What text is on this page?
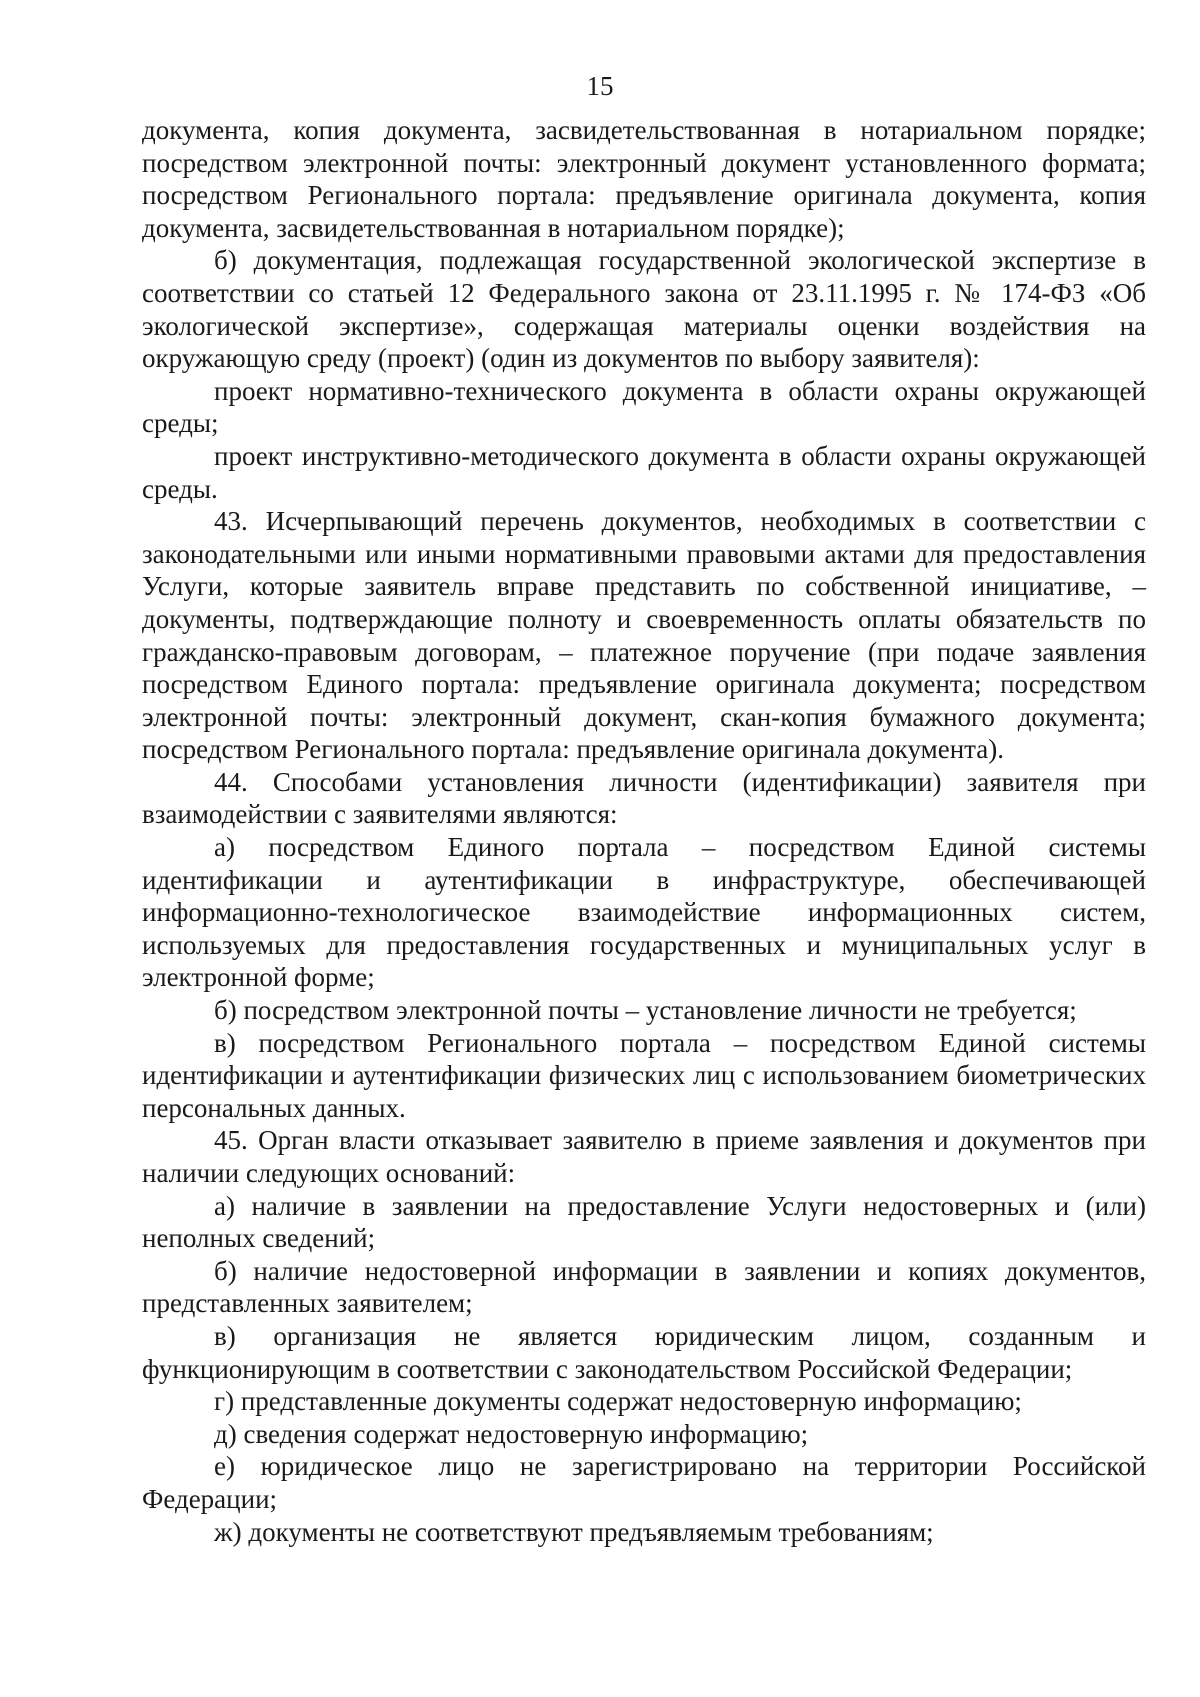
15

документа, копия документа, засвидетельствованная в нотариальном порядке; посредством электронной почты: электронный документ установленного формата; посредством Регионального портала: предъявление оригинала документа, копия документа, засвидетельствованная в нотариальном порядке);

б) документация, подлежащая государственной экологической экспертизе в соответствии со статьей 12 Федерального закона от 23.11.1995 г. № 174-ФЗ «Об экологической экспертизе», содержащая материалы оценки воздействия на окружающую среду (проект) (один из документов по выбору заявителя):

проект нормативно-технического документа в области охраны окружающей среды;

проект инструктивно-методического документа в области охраны окружающей среды.

43. Исчерпывающий перечень документов, необходимых в соответствии с законодательными или иными нормативными правовыми актами для предоставления Услуги, которые заявитель вправе представить по собственной инициативе, – документы, подтверждающие полноту и своевременность оплаты обязательств по гражданско-правовым договорам, – платежное поручение (при подаче заявления посредством Единого портала: предъявление оригинала документа; посредством электронной почты: электронный документ, скан-копия бумажного документа; посредством Регионального портала: предъявление оригинала документа).

44. Способами установления личности (идентификации) заявителя при взаимодействии с заявителями являются:

а) посредством Единого портала – посредством Единой системы идентификации и аутентификации в инфраструктуре, обеспечивающей информационно-технологическое взаимодействие информационных систем, используемых для предоставления государственных и муниципальных услуг в электронной форме;

б) посредством электронной почты – установление личности не требуется;

в) посредством Регионального портала – посредством Единой системы идентификации и аутентификации физических лиц с использованием биометрических персональных данных.

45. Орган власти отказывает заявителю в приеме заявления и документов при наличии следующих оснований:

а) наличие в заявлении на предоставление Услуги недостоверных и (или) неполных сведений;

б) наличие недостоверной информации в заявлении и копиях документов, представленных заявителем;

в) организация не является юридическим лицом, созданным и функционирующим в соответствии с законодательством Российской Федерации;

г) представленные документы содержат недостоверную информацию;

д) сведения содержат недостоверную информацию;

е) юридическое лицо не зарегистрировано на территории Российской Федерации;

ж) документы не соответствуют предъявляемым требованиям;
